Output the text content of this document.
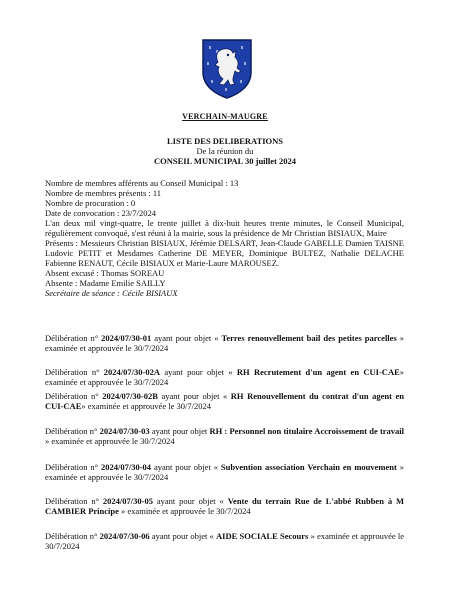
VERCHAIN-MAUGRE
LISTE DES DELIBERATIONS
De la réunion du
CONSEIL MUNICIPAL 30 juillet 2024

Nombre de membres afférents au Conseil Municipal : 13

Nombre de membres présents : 11

Nombre de procuration : 0

Date de convocation : 23/7/2024

L'an deux mil vingt-quatre, le trente juillet à dix-huit heures trente minutes, le Conseil Municipal, régulièrement convoqué, s'est réuni à la mairie, sous la présidence de Mr Christian BISIAUX, Maire

Présents : Messieurs Christian BISIAUX, Jérémie DELSART, Jean-Claude GABELLE Damien TAISNE Ludovic PETIT et Mesdames Catherine DE MEYER, Dominique BULTEZ, Nathalie DELACHE Fabienne RENAUT, Cécile BISIAUX et Marie-Laure MAROUSEZ.

Absent excusé : Thomas SOREAU

Absente : Madame Emilie SAILLY

Secrétaire de séance : Cécile BISIAUX

Délibération n° 2024/07/30-01 ayant pour objet « Terres renouvellement bail des petites parcelles » examinée et approuvée le 30/7/2024

Délibération n° 2024/07/30-02A ayant pour objet « RH Recrutement d'un agent en CUI-CAE» examinée et approuvée le 30/7/2024

Délibération n° 2024/07/30-02B ayant pour objet « RH Renouvellement du contrat d'un agent en CUI-CAE» examinée et approuvée le 30/7/2024

Délibération n° 2024/07/30-03 ayant pour objet RH : Personnel non titulaire Accroissement de travail » examinée et approuvée le 30/7/2024

Délibération n° 2024/07/30-04 ayant pour objet « Subvention association Verchain en mouvement » examinée et approuvée le 30/7/2024

Délibération n° 2024/07/30-05 ayant pour objet « Vente du terrain Rue de L'abbé Rubben à M CAMBIER Principe » examinée et approuvée le 30/7/2024

Délibération n° 2024/07/30-06 ayant pour objet « AIDE SOCIALE Secours » examinée et approuvée le 30/7/2024
